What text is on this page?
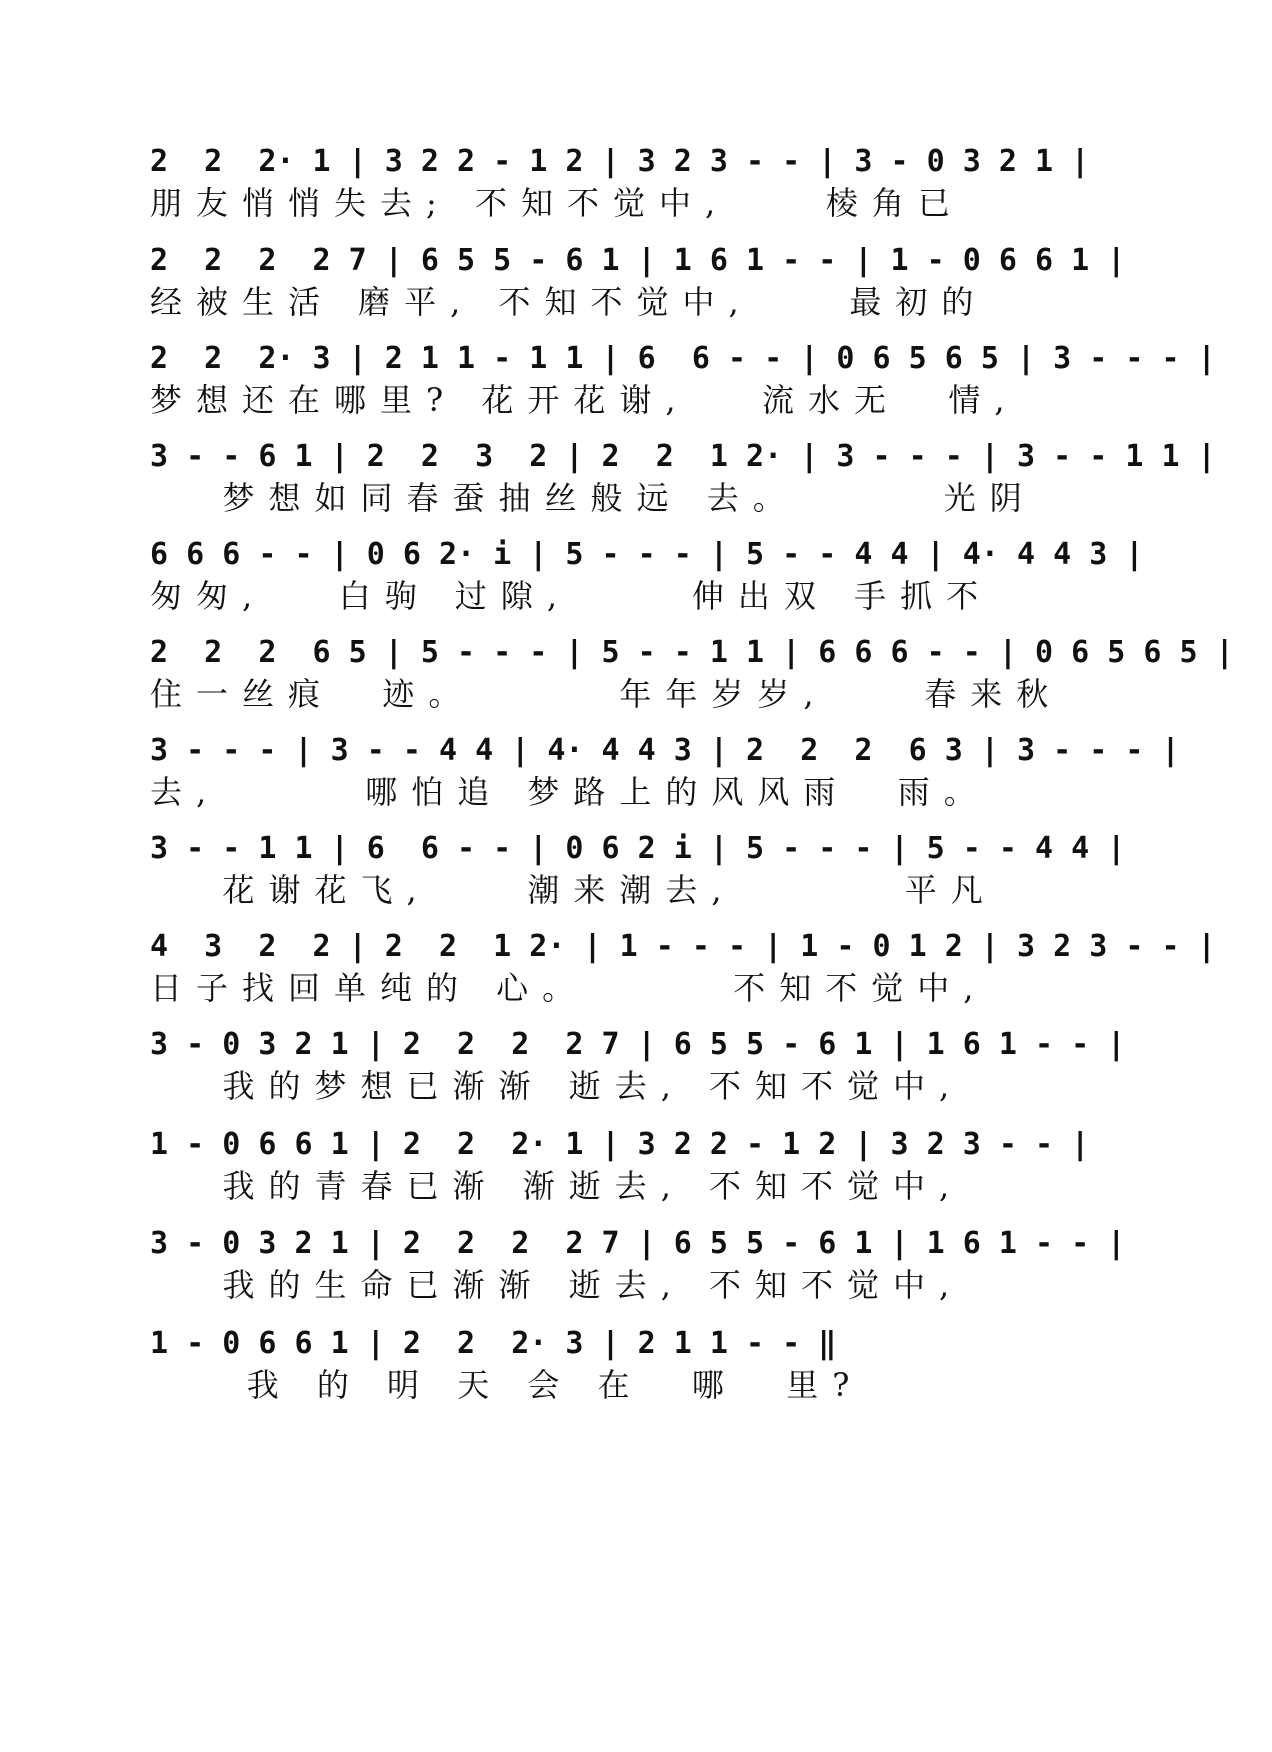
2  2  2· 1 | 3 2 2 - 1 2 | 3 2 3 - - | 3 - 0 3 2 1 |
朋友悄悄失去; 不知不觉中,    棱角已
2  2  2  2 7 | 6 5 5 - 6 1 | 1 6 1 - - | 1 - 0 6 6 1 |
经被生活 磨平, 不知不觉中,    最初的
2  2  2· 3 | 2 1 1 - 1 1 | 6  6 - - | 0 6 5 6 5 | 3 - - - |
梦想还在哪里? 花开花谢,   流水无  情,
3 - - 6 1 | 2  2  3  2 | 2  2  1 2· | 3 - - - | 3 - - 1 1 |
梦想如同春蚕抽丝般远 去。      光阴
6 6 6 - - | 0 6 2· i | 5 - - - | 5 - - 4 4 | 4· 4 4 3 |
匆匆,   白驹 过隙,     伸出双 手抓不
2  2  2  6 5 | 5 - - - | 5 - - 1 1 | 6 6 6 - - | 0 6 5 6 5 |
住一丝痕  迹。      年年岁岁,    春来秋
3 - - - | 3 - - 4 4 | 4· 4 4 3 | 2  2  2  6 3 | 3 - - - |
去,      哪怕追 梦路上的风风雨  雨。
3 - - 1 1 | 6  6 - - | 0 6 2 i | 5 - - - | 5 - - 4 4 |
花谢花飞,    潮来潮去,       平凡
4  3  2  2 | 2  2  1 2· | 1 - - - | 1 - 0 1 2 | 3 2 3 - - |
日子找回单纯的 心。      不知不觉中,
3 - 0 3 2 1 | 2  2  2  2 7 | 6 5 5 - 6 1 | 1 6 1 - - |
我的梦想已渐渐 逝去, 不知不觉中,
1 - 0 6 6 1 | 2  2  2· 1 | 3 2 2 - 1 2 | 3 2 3 - - |
我的青春已渐 渐逝去, 不知不觉中,
3 - 0 3 2 1 | 2  2  2  2 7 | 6 5 5 - 6 1 | 1 6 1 - - |
我的生命已渐渐 逝去, 不知不觉中,
1 - 0 6 6 1 | 2  2  2· 3 | 2 1 1 - - ‖
我 的 明 天 会 在  哪  里?
